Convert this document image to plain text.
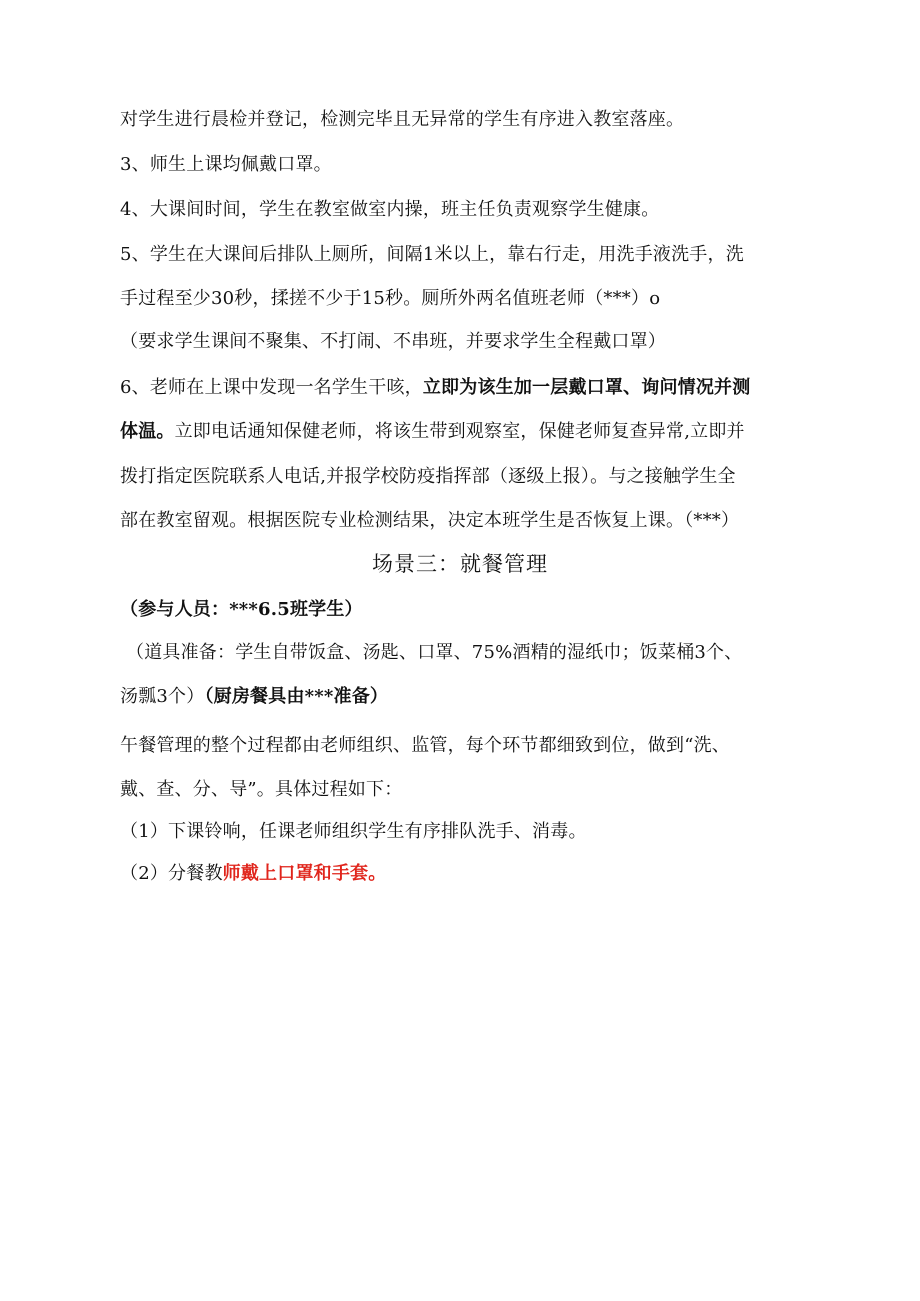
对学生进行晨检并登记，检测完毕且无异常的学生有序进入教室落座。
3、师生上课均佩戴口罩。
4、大课间时间，学生在教室做室内操，班主任负责观察学生健康。
5、学生在大课间后排队上厕所，间隔1米以上，靠右行走，用洗手液洗手，洗
手过程至少30秒，揉搓不少于15秒。厕所外两名值班老师（***）o
（要求学生课间不聚集、不打闹、不串班，并要求学生全程戴口罩）
6、老师在上课中发现一名学生干咳，立即为该生加一层戴口罩、询问情况并测
体温。立即电话通知保健老师，将该生带到观察室，保健老师复查异常,立即并
拨打指定医院联系人电话,并报学校防疫指挥部（逐级上报）。与之接触学生全
部在教室留观。根据医院专业检测结果，决定本班学生是否恢复上课。（***）
场景三：就餐管理
（参与人员：***6.5班学生）
（道具准备：学生自带饭盒、汤匙、口罩、75%酒精的湿纸巾；饭菜桶3个、
汤瓢3个）（厨房餐具由***准备）
午餐管理的整个过程都由老师组织、监管，每个环节都细致到位，做到“洗、
戴、查、分、导”。具体过程如下：
（1）下课铃响，任课老师组织学生有序排队洗手、消毒。
（2）分餐教师戴上口罩和手套。
